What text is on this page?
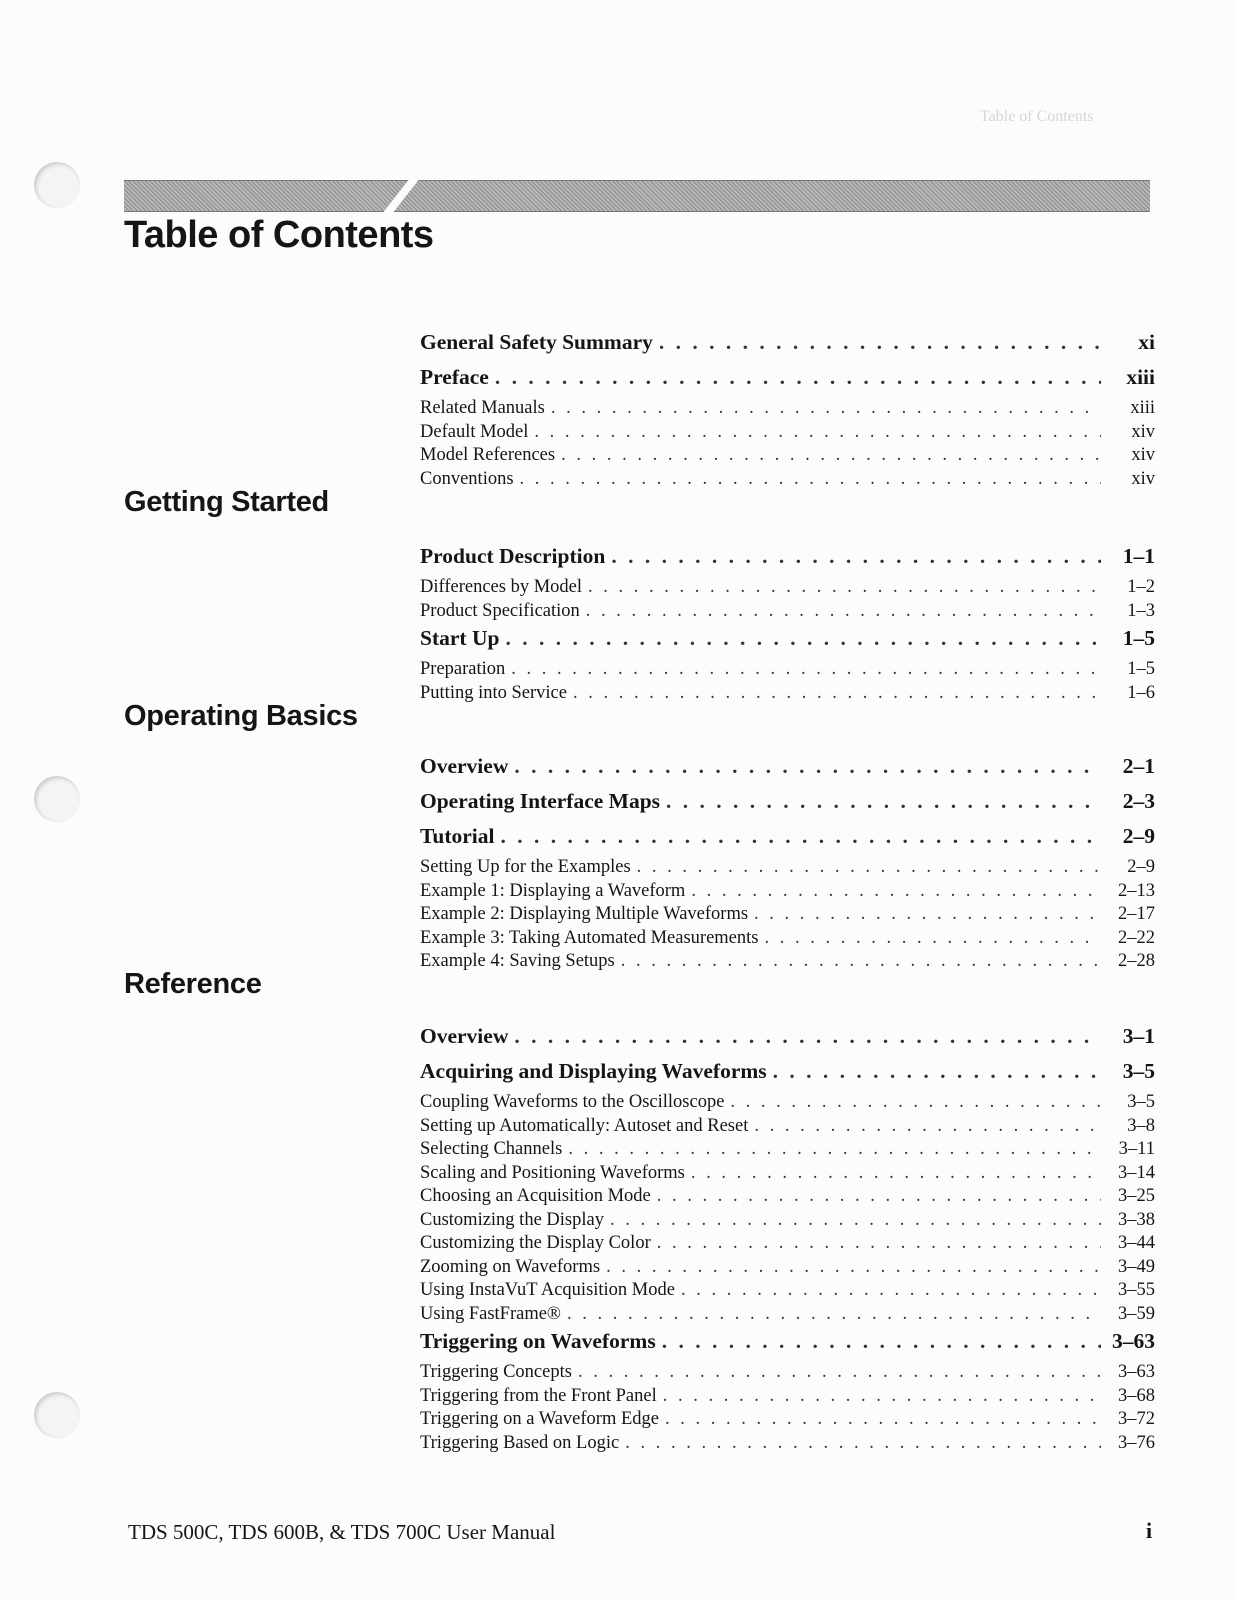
Table of Contents
Table of Contents
Getting Started
Operating Basics
Reference
General Safety Summary . . .	xi
Preface . . .	xiii
Related Manuals . . .	xiii
Default Model . . .	xiv
Model References . . .	xiv
Conventions . . .	xiv
Product Description . . .	1–1
Differences by Model . . .	1–2
Product Specification . . .	1–3
Start Up . . .	1–5
Preparation . . .	1–5
Putting into Service . . .	1–6
Overview . . .	2–1
Operating Interface Maps . . .	2–3
Tutorial . . .	2–9
Setting Up for the Examples . . .	2–9
Example 1: Displaying a Waveform . . .	2–13
Example 2: Displaying Multiple Waveforms . . .	2–17
Example 3: Taking Automated Measurements . . .	2–22
Example 4: Saving Setups . . .	2–28
Overview . . .	3–1
Acquiring and Displaying Waveforms . . .	3–5
Coupling Waveforms to the Oscilloscope . . .	3–5
Setting up Automatically: Autoset and Reset . . .	3–8
Selecting Channels . . .	3–11
Scaling and Positioning Waveforms . . .	3–14
Choosing an Acquisition Mode . . .	3–25
Customizing the Display . . .	3–38
Customizing the Display Color . . .	3–44
Zooming on Waveforms . . .	3–49
Using InstaVuT Acquisition Mode . . .	3–55
Using FastFrame® . . .	3–59
Triggering on Waveforms . . .	3–63
Triggering Concepts . . .	3–63
Triggering from the Front Panel . . .	3–68
Triggering on a Waveform Edge . . .	3–72
Triggering Based on Logic . . .	3–76
TDS 500C, TDS 600B, & TDS 700C User Manual	i
